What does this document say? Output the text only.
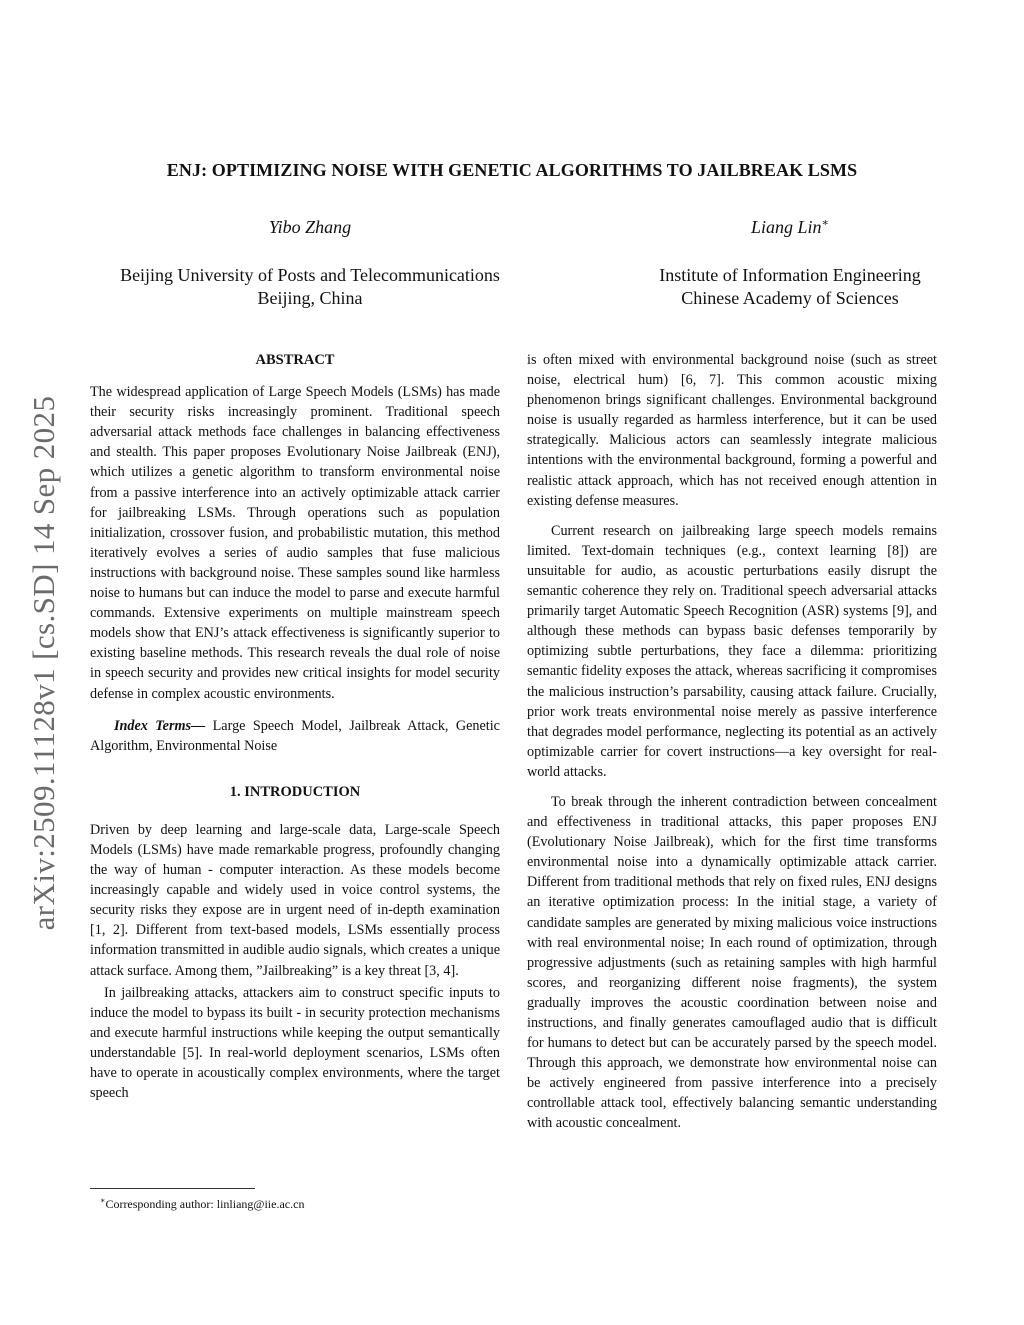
arXiv:2509.11128v1 [cs.SD] 14 Sep 2025
ENJ: OPTIMIZING NOISE WITH GENETIC ALGORITHMS TO JAILBREAK LSMS
Yibo Zhang
Beijing University of Posts and Telecommunications
Beijing, China
Liang Lin∗
Institute of Information Engineering
Chinese Academy of Sciences
ABSTRACT

The widespread application of Large Speech Models (LSMs) has made their security risks increasingly prominent. Traditional speech adversarial attack methods face challenges in balancing effectiveness and stealth. This paper proposes Evolutionary Noise Jailbreak (ENJ), which utilizes a genetic algorithm to transform environmental noise from a passive interference into an actively optimizable attack carrier for jailbreaking LSMs. Through operations such as population initialization, crossover fusion, and probabilistic mutation, this method iteratively evolves a series of audio samples that fuse malicious instructions with background noise. These samples sound like harmless noise to humans but can induce the model to parse and execute harmful commands. Extensive experiments on multiple mainstream speech models show that ENJ’s attack effectiveness is significantly superior to existing baseline methods. This research reveals the dual role of noise in speech security and provides new critical insights for model security defense in complex acoustic environments.

Index Terms— Large Speech Model, Jailbreak Attack, Genetic Algorithm, Environmental Noise

1. INTRODUCTION

Driven by deep learning and large-scale data, Large-scale Speech Models (LSMs) have made remarkable progress, profoundly changing the way of human - computer interaction. As these models become increasingly capable and widely used in voice control systems, the security risks they expose are in urgent need of in-depth examination [1, 2]. Different from text-based models, LSMs essentially process information transmitted in audible audio signals, which creates a unique attack surface. Among them, ”Jailbreaking” is a key threat [3, 4].

In jailbreaking attacks, attackers aim to construct specific inputs to induce the model to bypass its built - in security protection mechanisms and execute harmful instructions while keeping the output semantically understandable [5]. In real-world deployment scenarios, LSMs often have to operate in acoustically complex environments, where the target speech

is often mixed with environmental background noise (such as street noise, electrical hum) [6, 7]. This common acoustic mixing phenomenon brings significant challenges. Environmental background noise is usually regarded as harmless interference, but it can be used strategically. Malicious actors can seamlessly integrate malicious intentions with the environmental background, forming a powerful and realistic attack approach, which has not received enough attention in existing defense measures.

Current research on jailbreaking large speech models remains limited. Text-domain techniques (e.g., context learning [8]) are unsuitable for audio, as acoustic perturbations easily disrupt the semantic coherence they rely on. Traditional speech adversarial attacks primarily target Automatic Speech Recognition (ASR) systems [9], and although these methods can bypass basic defenses temporarily by optimizing subtle perturbations, they face a dilemma: prioritizing semantic fidelity exposes the attack, whereas sacrificing it compromises the malicious instruction’s parsability, causing attack failure. Crucially, prior work treats environmental noise merely as passive interference that degrades model performance, neglecting its potential as an actively optimizable carrier for covert instructions—a key oversight for real-world attacks.

To break through the inherent contradiction between concealment and effectiveness in traditional attacks, this paper proposes ENJ (Evolutionary Noise Jailbreak), which for the first time transforms environmental noise into a dynamically optimizable attack carrier. Different from traditional methods that rely on fixed rules, ENJ designs an iterative optimization process: In the initial stage, a variety of candidate samples are generated by mixing malicious voice instructions with real environmental noise; In each round of optimization, through progressive adjustments (such as retaining samples with high harmful scores, and reorganizing different noise fragments), the system gradually improves the acoustic coordination between noise and instructions, and finally generates camouflaged audio that is difficult for humans to detect but can be accurately parsed by the speech model. Through this approach, we demonstrate how environmental noise can be actively engineered from passive interference into a precisely controllable attack tool, effectively balancing semantic understanding with acoustic concealment.

∗Corresponding author: linliang@iie.ac.cn
